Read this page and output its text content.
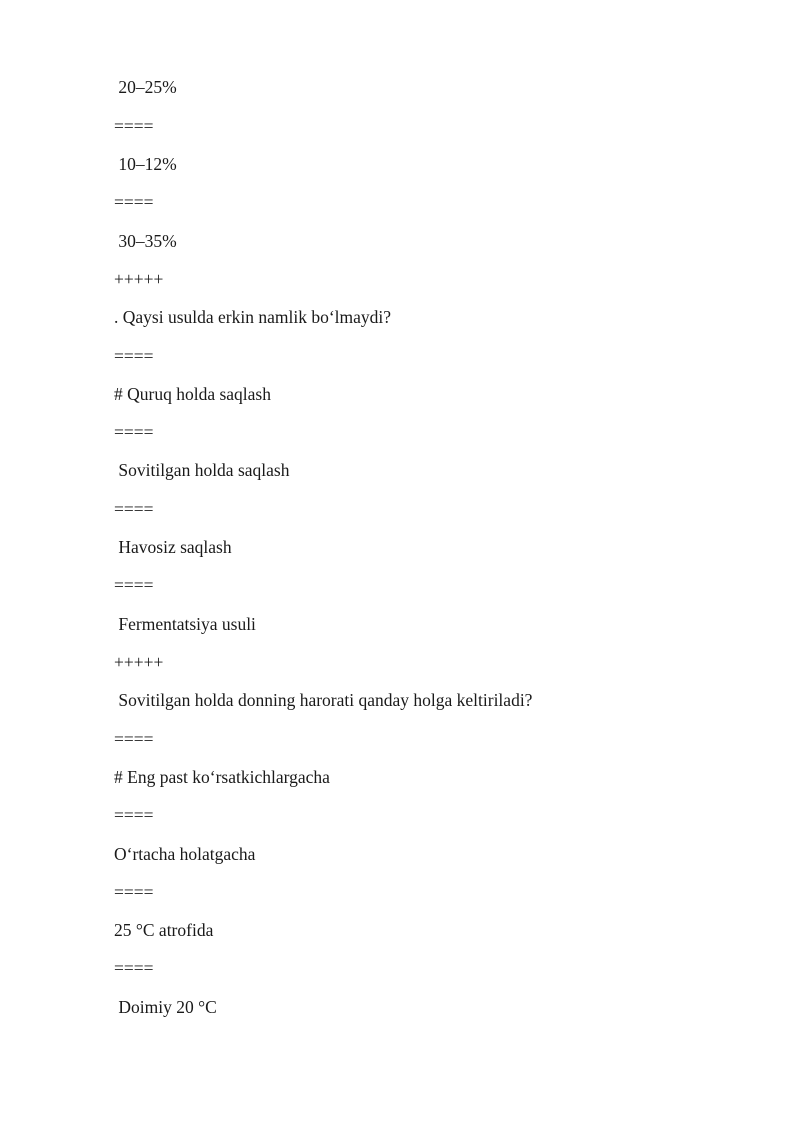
20–25%
====
10–12%
====
30–35%
+++++
. Qaysi usulda erkin namlik bo‘lmaydi?
====
# Quruq holda saqlash
====
Sovitilgan holda saqlash
====
Havosiz saqlash
====
Fermentatsiya usuli
+++++
Sovitilgan holda donning harorati qanday holga keltiriladi?
====
# Eng past ko‘rsatkichlargacha
====
O‘rtacha holatgacha
====
25 °C atrofida
====
Doimiy 20 °C
